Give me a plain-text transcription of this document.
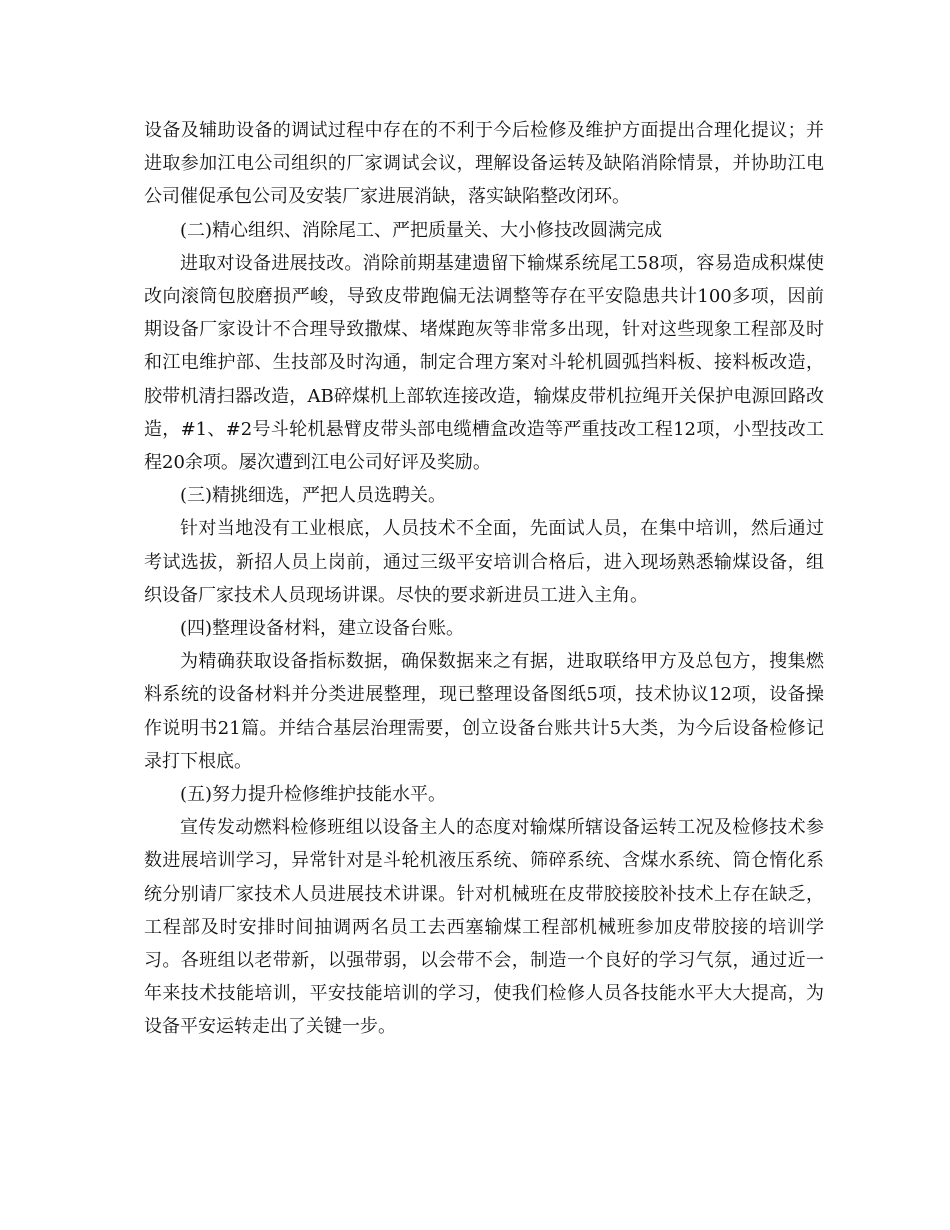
设备及辅助设备的调试过程中存在的不利于今后检修及维护方面提出合理化提议；并进取参加江电公司组织的厂家调试会议，理解设备运转及缺陷消除情景，并协助江电公司催促承包公司及安装厂家进展消缺，落实缺陷整改闭环。

(二)精心组织、消除尾工、严把质量关、大小修技改圆满完成

进取对设备进展技改。消除前期基建遗留下输煤系统尾工58项，容易造成积煤使改向滚筒包胶磨损严峻，导致皮带跑偏无法调整等存在平安隐患共计100多项，因前期设备厂家设计不合理导致撒煤、堵煤跑灰等非常多出现，针对这些现象工程部及时和江电维护部、生技部及时沟通，制定合理方案对斗轮机圆弧挡料板、接料板改造，胶带机清扫器改造，AB碎煤机上部软连接改造，输煤皮带机拉绳开关保护电源回路改造，#1、#2号斗轮机悬臂皮带头部电缆槽盒改造等严重技改工程12项，小型技改工程20余项。屡次遭到江电公司好评及奖励。

(三)精挑细选，严把人员选聘关。

针对当地没有工业根底，人员技术不全面，先面试人员，在集中培训，然后通过考试选拔，新招人员上岗前，通过三级平安培训合格后，进入现场熟悉输煤设备，组织设备厂家技术人员现场讲课。尽快的要求新进员工进入主角。

(四)整理设备材料，建立设备台账。

为精确获取设备指标数据，确保数据来之有据，进取联络甲方及总包方，搜集燃料系统的设备材料并分类进展整理，现已整理设备图纸5项，技术协议12项，设备操作说明书21篇。并结合基层治理需要，创立设备台账共计5大类，为今后设备检修记录打下根底。

(五)努力提升检修维护技能水平。

宣传发动燃料检修班组以设备主人的态度对输煤所辖设备运转工况及检修技术参数进展培训学习，异常针对是斗轮机液压系统、筛碎系统、含煤水系统、筒仓惰化系统分别请厂家技术人员进展技术讲课。针对机械班在皮带胶接胶补技术上存在缺乏，工程部及时安排时间抽调两名员工去西塞输煤工程部机械班参加皮带胶接的培训学习。各班组以老带新，以强带弱，以会带不会，制造一个良好的学习气氛，通过近一年来技术技能培训，平安技能培训的学习，使我们检修人员各技能水平大大提高，为设备平安运转走出了关键一步。
